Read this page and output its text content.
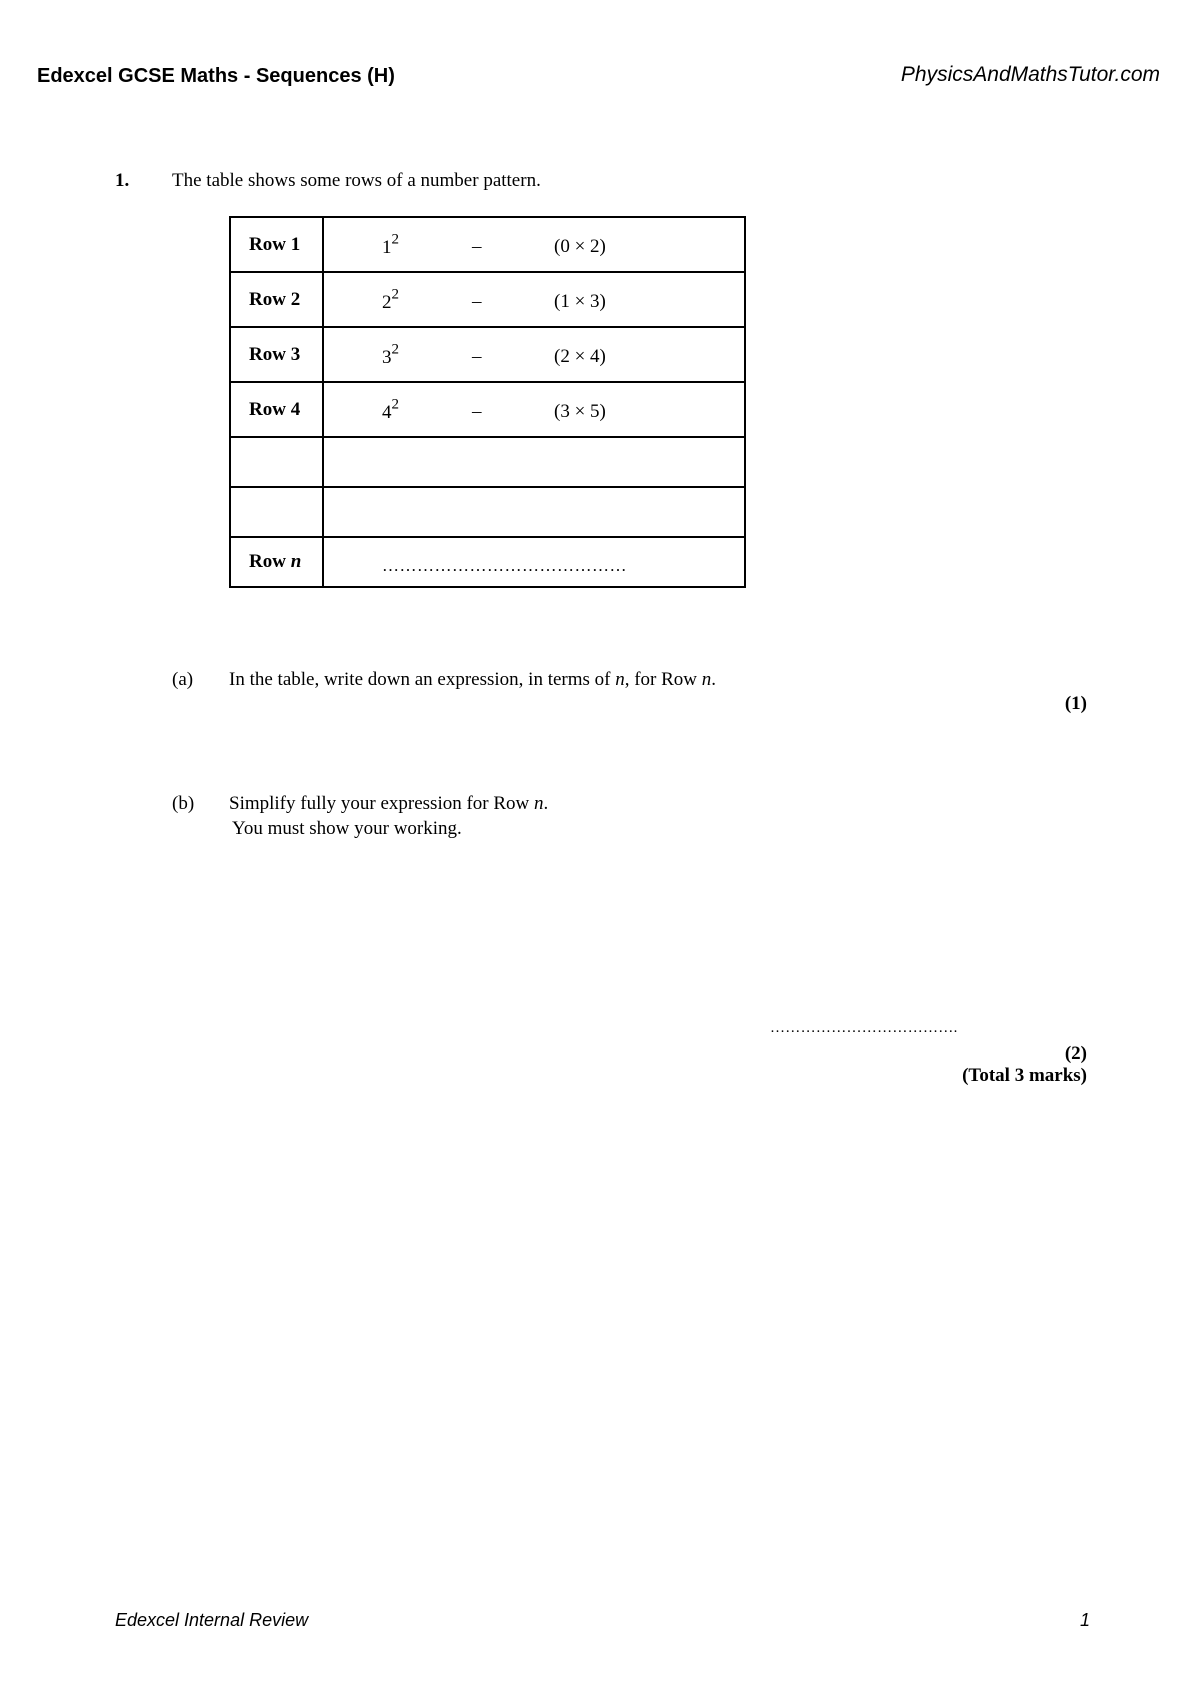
Edexcel GCSE Maths - Sequences (H)	PhysicsAndMathsTutor.com
1. The table shows some rows of a number pattern.
Row 1	$1^2 - (0 \times 2)$

Row 2	$2^2 - (1 \times 3)$

Row 3	$3^2 - (2 \times 4)$

Row 4	$4^2 - (3 \times 5)$

Row n	……………………………………
(a) In the table, write down an expression, in terms of n, for Row n.
(1)
(b) Simplify fully your expression for Row n.
You must show your working.
……………………………….
(2)
(Total 3 marks)
Edexcel Internal Review	1
